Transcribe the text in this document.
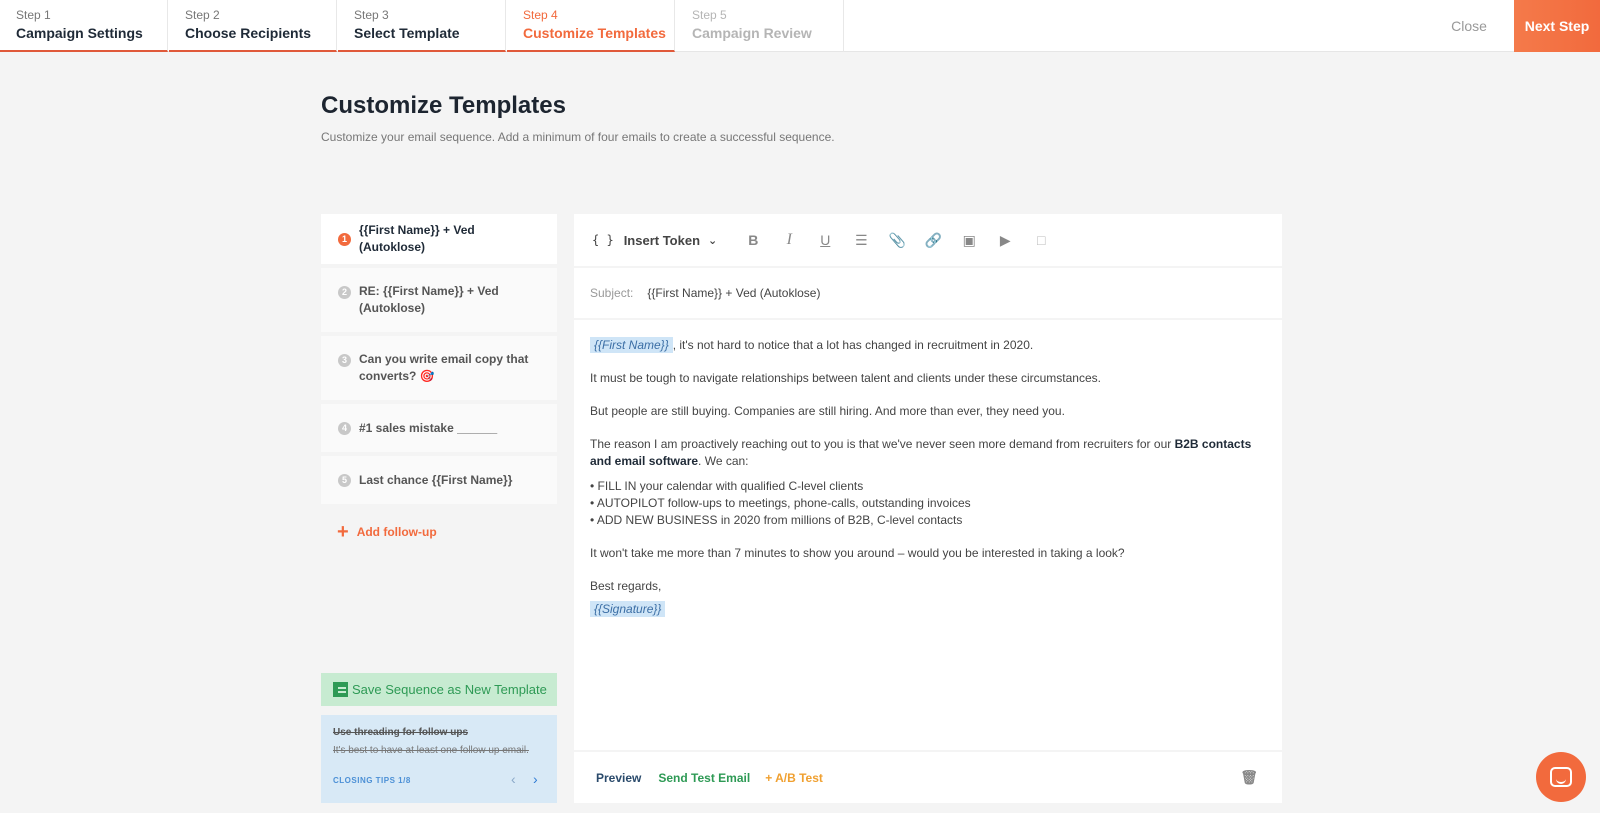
Step 1
Campaign Settings
Step 2
Choose Recipients
Step 3
Select Template
Step 4
Customize Templates
Step 5
Campaign Review	Close	Next Step
Customize Templates
Customize your email sequence. Add a minimum of four emails to create a successful sequence.
1
{{First Name}} + Ved (Autoklose)
2	RE: {{First Name}} + Ved (Autoklose)
3	Can you write email copy that converts? 🎯
4	#1 sales mistake ______
5	Last chance {{First Name}}
+ Add follow-up
Save Sequence as New Template
Use threading for follow ups
It's best to have at least one follow up email.
CLOSING TIPS 1/8	‹ ›
{ } Insert Token ⌄	B	I	U	☰	📎	🔗	▣	▶	□
Subject: {{First Name}} + Ved (Autoklose)

{{First Name}} , it's not hard to notice that a lot has changed in recruitment in 2020.

It must be tough to navigate relationships between talent and clients under these circumstances.

But people are still buying. Companies are still hiring. And more than ever, they need you.

The reason I am proactively reaching out to you is that we've never seen more demand from recruiters for our B2B contacts and email software. We can:

• FILL IN your calendar with qualified C-level clients
• AUTOPILOT follow-ups to meetings, phone-calls, outstanding invoices
• ADD NEW BUSINESS in 2020 from millions of B2B, C-level contacts

It won't take me more than 7 minutes to show you around – would you be interested in taking a look?

Best regards,

{{Signature}}

Preview Send Test Email + A/B Test	🗑
